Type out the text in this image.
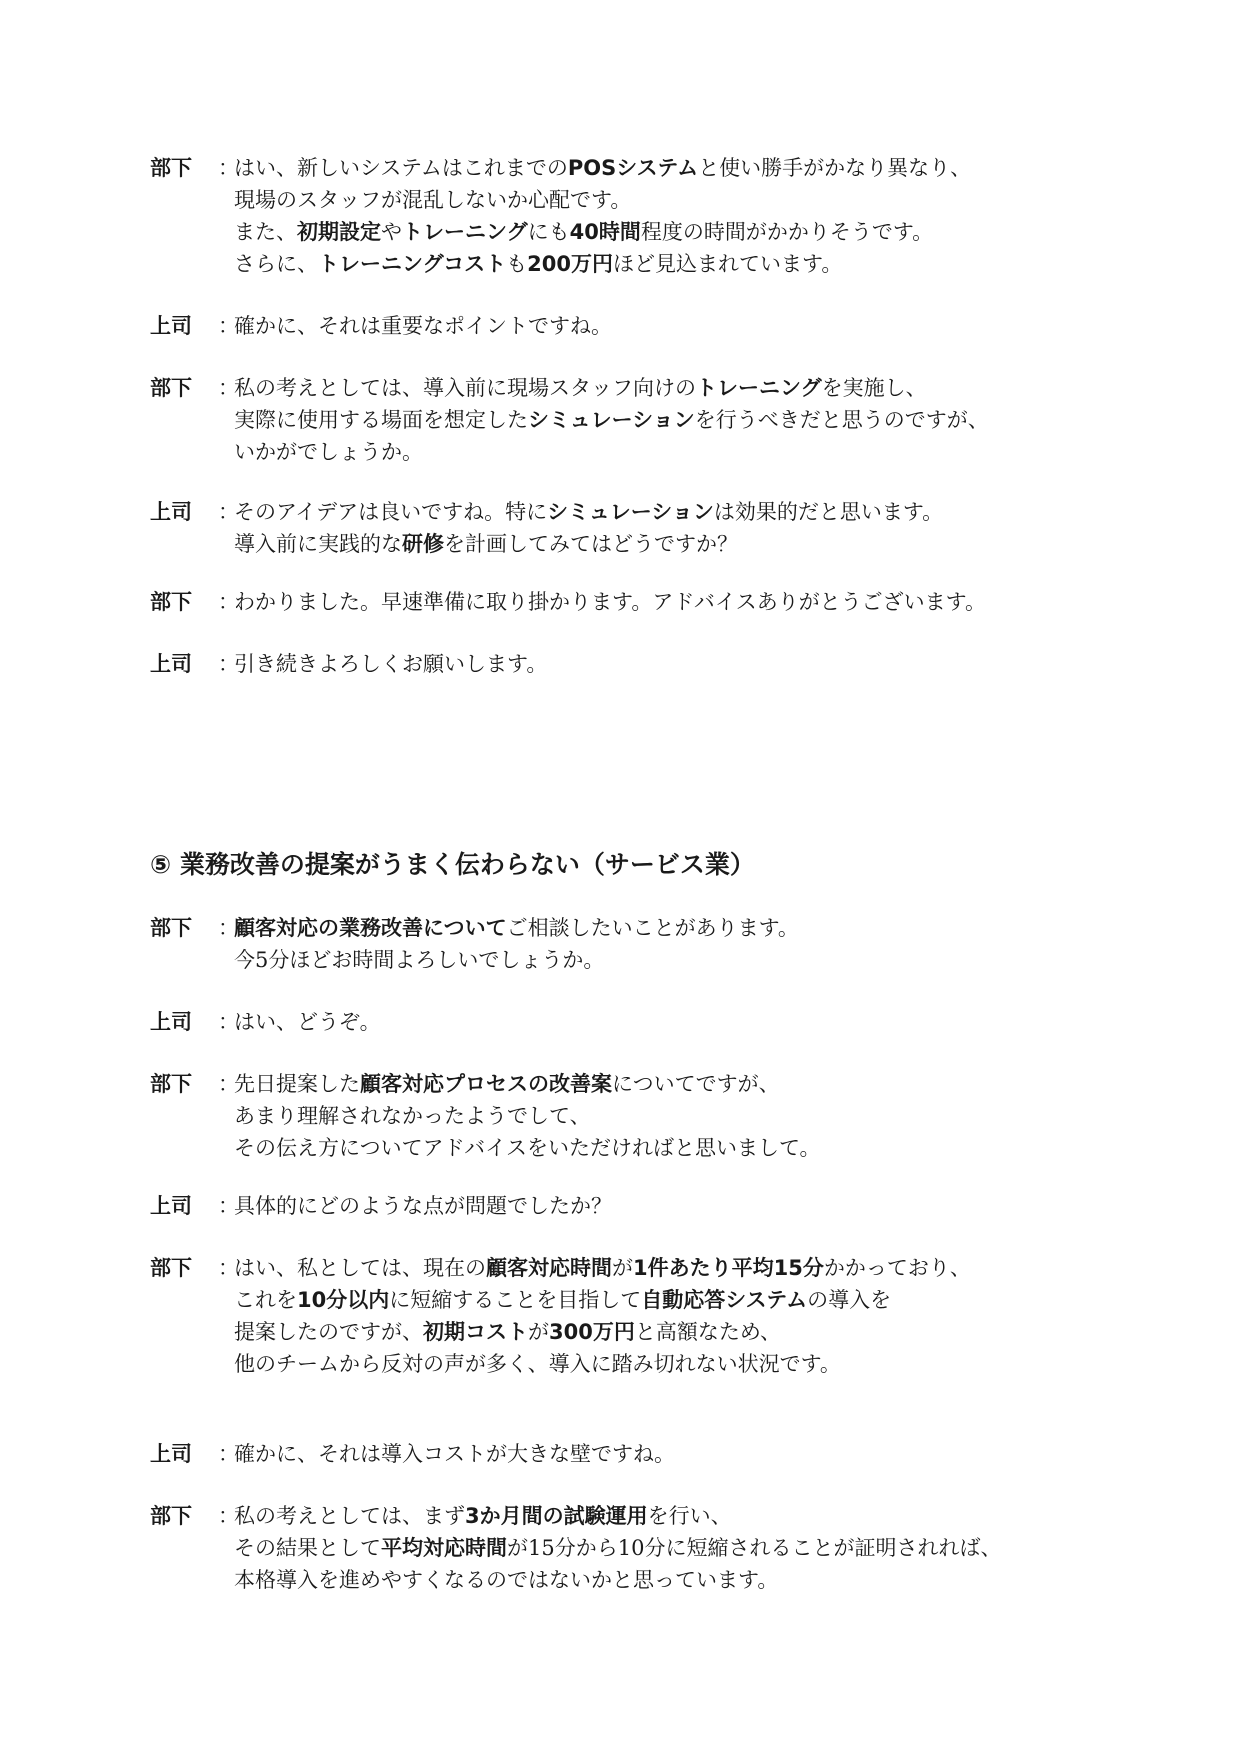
部下	：
はい、新しいシステムはこれまでのPOSシステムと使い勝手がかなり異なり、
現場のスタッフが混乱しないか心配です。
また、初期設定やトレーニングにも40時間程度の時間がかかりそうです。
さらに、トレーニングコストも200万円ほど見込まれています。
上司	：
確かに、それは重要なポイントですね。
部下	：
私の考えとしては、導入前に現場スタッフ向けのトレーニングを実施し、
実際に使用する場面を想定したシミュレーションを行うべきだと思うのですが、
いかがでしょうか。
上司	：
そのアイデアは良いですね。特にシミュレーションは効果的だと思います。
導入前に実践的な研修を計画してみてはどうですか？
部下	：
わかりました。早速準備に取り掛かります。アドバイスありがとうございます。
上司	：
引き続きよろしくお願いします。
⑤ 業務改善の提案がうまく伝わらない（サービス業）
部下	：
顧客対応の業務改善についてご相談したいことがあります。
今5分ほどお時間よろしいでしょうか。
上司	：
はい、どうぞ。
部下	：
先日提案した顧客対応プロセスの改善案についてですが、
あまり理解されなかったようでして、
その伝え方についてアドバイスをいただければと思いまして。
上司	：
具体的にどのような点が問題でしたか？
部下	：
はい、私としては、現在の顧客対応時間が1件あたり平均15分かかっており、
これを10分以内に短縮することを目指して自動応答システムの導入を
提案したのですが、初期コストが300万円と高額なため、
他のチームから反対の声が多く、導入に踏み切れない状況です。
上司	：
確かに、それは導入コストが大きな壁ですね。
部下	：
私の考えとしては、まず3か月間の試験運用を行い、
その結果として平均対応時間が15分から10分に短縮されることが証明されれば、
本格導入を進めやすくなるのではないかと思っています。
